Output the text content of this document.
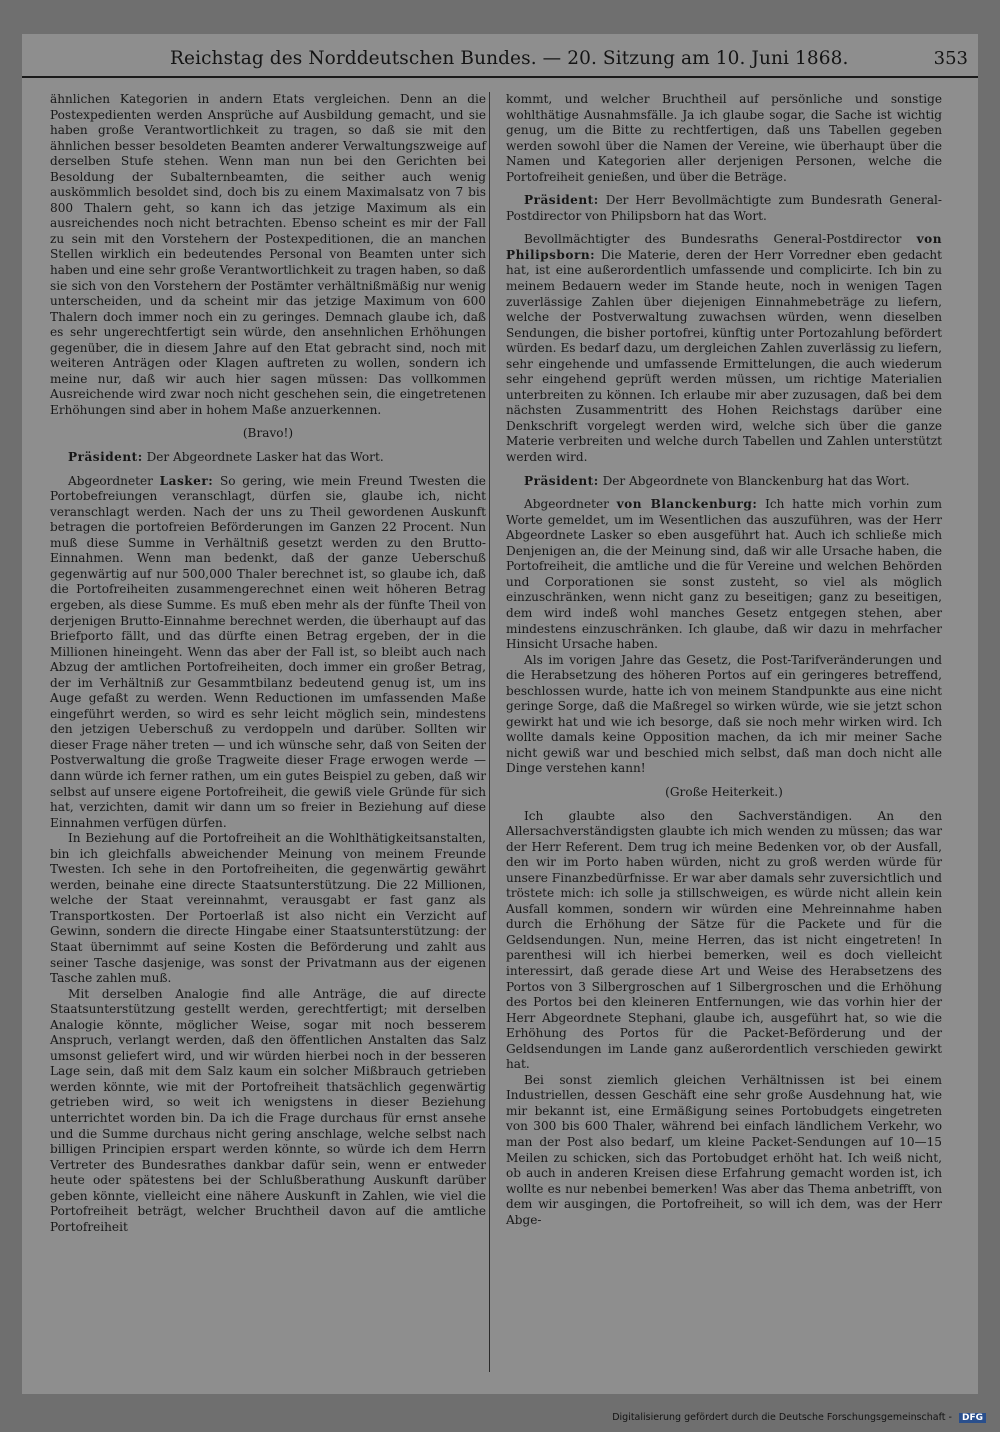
Reichstag des Norddeutschen Bundes. — 20. Sitzung am 10. Juni 1868.	353

ähnlichen Kategorien in andern Etats vergleichen. Denn an die Postexpedienten werden Ansprüche auf Ausbildung gemacht, und sie haben große Verantwortlichkeit zu tragen, so daß sie mit den ähnlichen besser besoldeten Beamten anderer Verwaltungszweige auf derselben Stufe stehen. Wenn man nun bei den Gerichten bei Besoldung der Subalternbeamten, die seither auch wenig auskömmlich besoldet sind, doch bis zu einem Maximalsatz von 7 bis 800 Thalern geht, so kann ich das jetzige Maximum als ein ausreichendes noch nicht betrachten. Ebenso scheint es mir der Fall zu sein mit den Vorstehern der Postexpeditionen, die an manchen Stellen wirklich ein bedeutendes Personal von Beamten unter sich haben und eine sehr große Verantwortlichkeit zu tragen haben, so daß sie sich von den Vorstehern der Postämter verhältnißmäßig nur wenig unterscheiden, und da scheint mir das jetzige Maximum von 600 Thalern doch immer noch ein zu geringes. Demnach glaube ich, daß es sehr ungerechtfertigt sein würde, den ansehnlichen Erhöhungen gegenüber, die in diesem Jahre auf den Etat gebracht sind, noch mit weiteren Anträgen oder Klagen auftreten zu wollen, sondern ich meine nur, daß wir auch hier sagen müssen: Das vollkommen Ausreichende wird zwar noch nicht geschehen sein, die eingetretenen Erhöhungen sind aber in hohem Maße anzuerkennen.

(Bravo!)

Präsident: Der Abgeordnete Lasker hat das Wort.

Abgeordneter Lasker: So gering, wie mein Freund Twesten die Portobefreiungen veranschlagt, dürfen sie, glaube ich, nicht veranschlagt werden. Nach der uns zu Theil gewordenen Auskunft betragen die portofreien Beförderungen im Ganzen 22 Procent. Nun muß diese Summe in Verhältniß gesetzt werden zu den Brutto-Einnahmen. Wenn man bedenkt, daß der ganze Ueberschuß gegenwärtig auf nur 500,000 Thaler berechnet ist, so glaube ich, daß die Portofreiheiten zusammengerechnet einen weit höheren Betrag ergeben, als diese Summe. Es muß eben mehr als der fünfte Theil von derjenigen Brutto-Einnahme berechnet werden, die überhaupt auf das Briefporto fällt, und das dürfte einen Betrag ergeben, der in die Millionen hineingeht. Wenn das aber der Fall ist, so bleibt auch nach Abzug der amtlichen Portofreiheiten, doch immer ein großer Betrag, der im Verhältniß zur Gesammtbilanz bedeutend genug ist, um ins Auge gefaßt zu werden. Wenn Reductionen im umfassenden Maße eingeführt werden, so wird es sehr leicht möglich sein, mindestens den jetzigen Ueberschuß zu verdoppeln und darüber. Sollten wir dieser Frage näher treten — und ich wünsche sehr, daß von Seiten der Postverwaltung die große Tragweite dieser Frage erwogen werde — dann würde ich ferner rathen, um ein gutes Beispiel zu geben, daß wir selbst auf unsere eigene Portofreiheit, die gewiß viele Gründe für sich hat, verzichten, damit wir dann um so freier in Beziehung auf diese Einnahmen verfügen dürfen.

In Beziehung auf die Portofreiheit an die Wohlthätigkeitsanstalten, bin ich gleichfalls abweichender Meinung von meinem Freunde Twesten. Ich sehe in den Portofreiheiten, die gegenwärtig gewährt werden, beinahe eine directe Staatsunterstützung. Die 22 Millionen, welche der Staat vereinnahmt, verausgabt er fast ganz als Transportkosten. Der Portoerlaß ist also nicht ein Verzicht auf Gewinn, sondern die directe Hingabe einer Staatsunterstützung: der Staat übernimmt auf seine Kosten die Beförderung und zahlt aus seiner Tasche dasjenige, was sonst der Privatmann aus der eigenen Tasche zahlen muß.

Mit derselben Analogie find alle Anträge, die auf directe Staatsunterstützung gestellt werden, gerechtfertigt; mit derselben Analogie könnte, möglicher Weise, sogar mit noch besserem Anspruch, verlangt werden, daß den öffentlichen Anstalten das Salz umsonst geliefert wird, und wir würden hierbei noch in der besseren Lage sein, daß mit dem Salz kaum ein solcher Mißbrauch getrieben werden könnte, wie mit der Portofreiheit thatsächlich gegenwärtig getrieben wird, so weit ich wenigstens in dieser Beziehung unterrichtet worden bin. Da ich die Frage durchaus für ernst ansehe und die Summe durchaus nicht gering anschlage, welche selbst nach billigen Principien erspart werden könnte, so würde ich dem Herrn Vertreter des Bundesrathes dankbar dafür sein, wenn er entweder heute oder spätestens bei der Schlußberathung Auskunft darüber geben könnte, vielleicht eine nähere Auskunft in Zahlen, wie viel die Portofreiheit beträgt, welcher Bruchtheil davon auf die amtliche Portofreiheit

kommt, und welcher Bruchtheil auf persönliche und sonstige wohlthätige Ausnahmsfälle. Ja ich glaube sogar, die Sache ist wichtig genug, um die Bitte zu rechtfertigen, daß uns Tabellen gegeben werden sowohl über die Namen der Vereine, wie überhaupt über die Namen und Kategorien aller derjenigen Personen, welche die Portofreiheit genießen, und über die Beträge.

Präsident: Der Herr Bevollmächtigte zum Bundesrath General-Postdirector von Philipsborn hat das Wort.

Bevollmächtigter des Bundesraths General-Postdirector von Philipsborn: Die Materie, deren der Herr Vorredner eben gedacht hat, ist eine außerordentlich umfassende und complicirte. Ich bin zu meinem Bedauern weder im Stande heute, noch in wenigen Tagen zuverlässige Zahlen über diejenigen Einnahmebeträge zu liefern, welche der Postverwaltung zuwachsen würden, wenn dieselben Sendungen, die bisher portofrei, künftig unter Portozahlung befördert würden. Es bedarf dazu, um dergleichen Zahlen zuverlässig zu liefern, sehr eingehende und umfassende Ermittelungen, die auch wiederum sehr eingehend geprüft werden müssen, um richtige Materialien unterbreiten zu können. Ich erlaube mir aber zuzusagen, daß bei dem nächsten Zusammentritt des Hohen Reichstags darüber eine Denkschrift vorgelegt werden wird, welche sich über die ganze Materie verbreiten und welche durch Tabellen und Zahlen unterstützt werden wird.

Präsident: Der Abgeordnete von Blanckenburg hat das Wort.

Abgeordneter von Blanckenburg: Ich hatte mich vorhin zum Worte gemeldet, um im Wesentlichen das auszuführen, was der Herr Abgeordnete Lasker so eben ausgeführt hat. Auch ich schließe mich Denjenigen an, die der Meinung sind, daß wir alle Ursache haben, die Portofreiheit, die amtliche und die für Vereine und welchen Behörden und Corporationen sie sonst zusteht, so viel als möglich einzuschränken, wenn nicht ganz zu beseitigen; ganz zu beseitigen, dem wird indeß wohl manches Gesetz entgegen stehen, aber mindestens einzuschränken. Ich glaube, daß wir dazu in mehrfacher Hinsicht Ursache haben.

Als im vorigen Jahre das Gesetz, die Post-Tarifveränderungen und die Herabsetzung des höheren Portos auf ein geringeres betreffend, beschlossen wurde, hatte ich von meinem Standpunkte aus eine nicht geringe Sorge, daß die Maßregel so wirken würde, wie sie jetzt schon gewirkt hat und wie ich besorge, daß sie noch mehr wirken wird. Ich wollte damals keine Opposition machen, da ich mir meiner Sache nicht gewiß war und beschied mich selbst, daß man doch nicht alle Dinge verstehen kann!

(Große Heiterkeit.)

Ich glaubte also den Sachverständigen. An den Allersachverständigsten glaubte ich mich wenden zu müssen; das war der Herr Referent. Dem trug ich meine Bedenken vor, ob der Ausfall, den wir im Porto haben würden, nicht zu groß werden würde für unsere Finanzbedürfnisse. Er war aber damals sehr zuversichtlich und tröstete mich: ich solle ja stillschweigen, es würde nicht allein kein Ausfall kommen, sondern wir würden eine Mehreinnahme haben durch die Erhöhung der Sätze für die Packete und für die Geldsendungen. Nun, meine Herren, das ist nicht eingetreten! In parenthesi will ich hierbei bemerken, weil es doch vielleicht interessirt, daß gerade diese Art und Weise des Herabsetzens des Portos von 3 Silbergroschen auf 1 Silbergroschen und die Erhöhung des Portos bei den kleineren Entfernungen, wie das vorhin hier der Herr Abgeordnete Stephani, glaube ich, ausgeführt hat, so wie die Erhöhung des Portos für die Packet-Beförderung und der Geldsendungen im Lande ganz außerordentlich verschieden gewirkt hat.

Bei sonst ziemlich gleichen Verhältnissen ist bei einem Industriellen, dessen Geschäft eine sehr große Ausdehnung hat, wie mir bekannt ist, eine Ermäßigung seines Portobudgets eingetreten von 300 bis 600 Thaler, während bei einfach ländlichem Verkehr, wo man der Post also bedarf, um kleine Packet-Sendungen auf 10—15 Meilen zu schicken, sich das Portobudget erhöht hat. Ich weiß nicht, ob auch in anderen Kreisen diese Erfahrung gemacht worden ist, ich wollte es nur nebenbei bemerken! Was aber das Thema anbetrifft, von dem wir ausgingen, die Portofreiheit, so will ich dem, was der Herr Abge-

Digitalisierung gefördert durch die Deutsche Forschungsgemeinschaft - DFG
